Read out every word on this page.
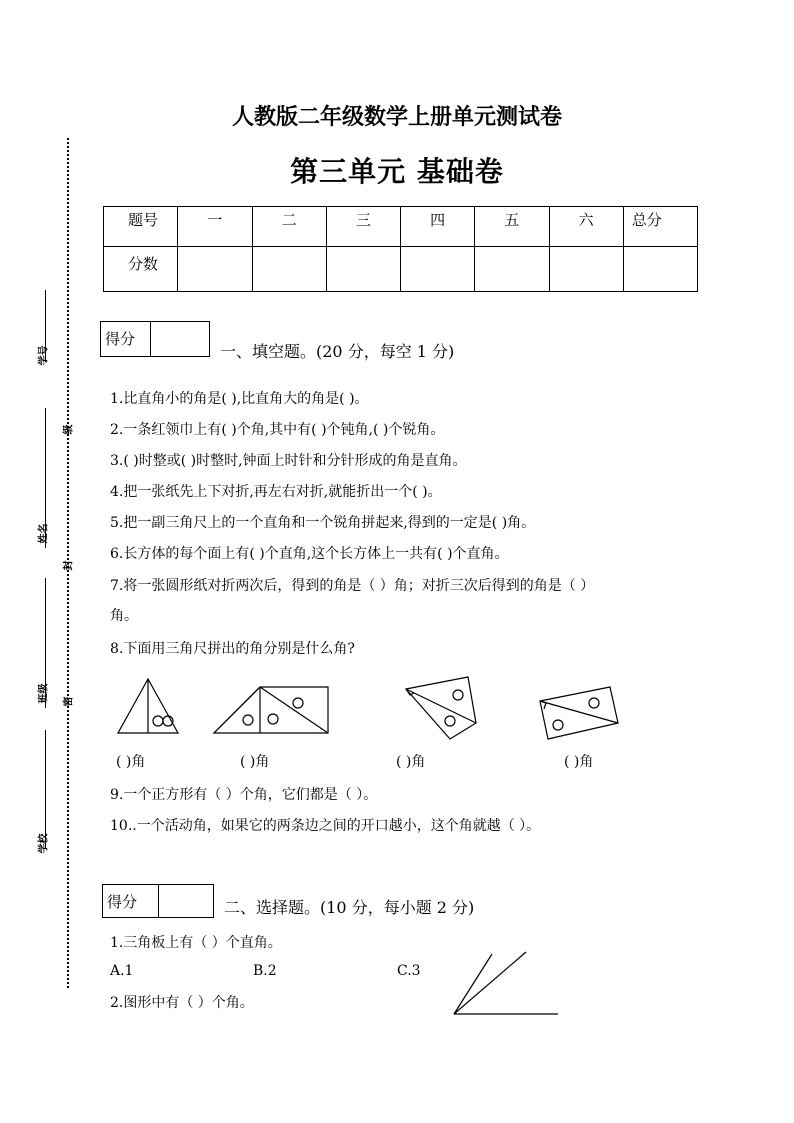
人教版二年级数学上册单元测试卷
第三单元 基础卷
题号	一	二	三	四	五	六	总分
分数							
学号
姓名
班级
学校
级
封
密
得分
一、填空题。(20 分，每空 1 分)
1.比直角小的角是( ),比直角大的角是( )。
2.一条红领巾上有( )个角,其中有( )个钝角,( )个锐角。
3.( )时整或( )时整时,钟面上时针和分针形成的角是直角。
4.把一张纸先上下对折,再左右对折,就能折出一个( )。
5.把一副三角尺上的一个直角和一个锐角拼起来,得到的一定是( )角。
6.长方体的每个面上有( )个直角,这个长方体上一共有( )个直角。
7.将一张圆形纸对折两次后，得到的角是（ ）角；对折三次后得到的角是（ ）
角。
8.下面用三角尺拼出的角分别是什么角?
( )角	( )角	( )角	( )角
9.一个正方形有（ ）个角，它们都是（ ）。
10..一个活动角，如果它的两条边之间的开口越小，这个角就越（ ）。
得分	二、选择题。(10 分，每小题 2 分)
1.三角板上有（ ）个直角。
A.1	B.2	C.3
2.图形中有（ ）个角。
